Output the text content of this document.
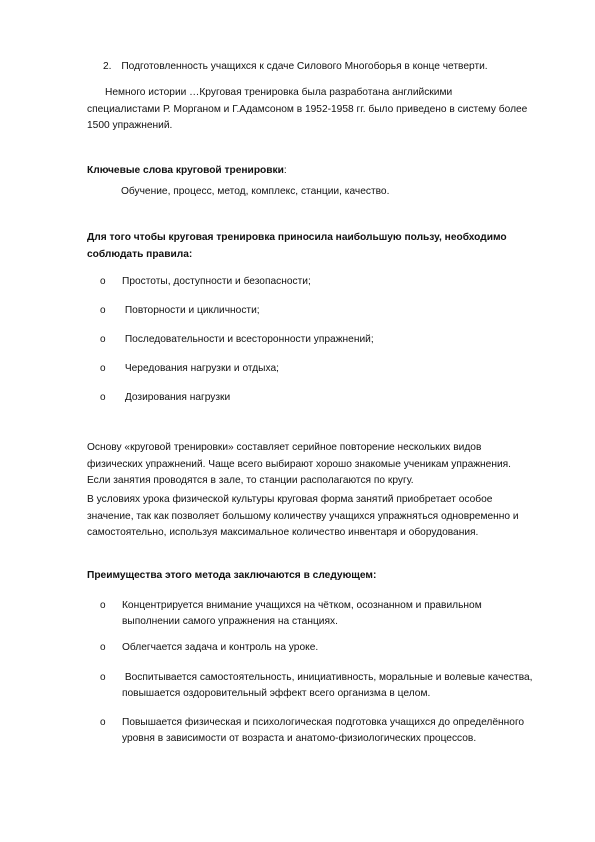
2. Подготовленность учащихся к сдаче Силового Многоборья в конце четверти.
Немного истории …Круговая тренировка была разработана английскими
специалистами Р. Морганом и Г.Адамсоном в 1952-1958 гг. было приведено в систему более
1500 упражнений.
Ключевые слова круговой тренировки:
Обучение, процесс, метод, комплекс, станции, качество.
Для того чтобы круговая тренировка приносила наибольшую пользу, необходимо
соблюдать правила:
o Простоты, доступности и безопасности;
o Повторности и цикличности;
o Последовательности и всесторонности упражнений;
o Чередования нагрузки и отдыха;
o Дозирования нагрузки
Основу «круговой тренировки» составляет серийное повторение нескольких видов
физических упражнений. Чаще всего выбирают хорошо знакомые ученикам упражнения.
Если занятия проводятся в зале, то станции располагаются по кругу.
В условиях урока физической культуры круговая форма занятий приобретает особое
значение, так как позволяет большому количеству учащихся упражняться одновременно и
самостоятельно, используя максимальное количество инвентаря и оборудования.
Преимущества этого метода заключаются в следующем:
o Концентрируется внимание учащихся на чётком, осознанном и правильном
выполнении самого упражнения на станциях.
o Облегчается задача и контроль на уроке.
o Воспитывается самостоятельность, инициативность, моральные и волевые качества,
повышается оздоровительный эффект всего организма в целом.
o Повышается физическая и психологическая подготовка учащихся до определённого
уровня в зависимости от возраста и анатомо-физиологических процессов.
